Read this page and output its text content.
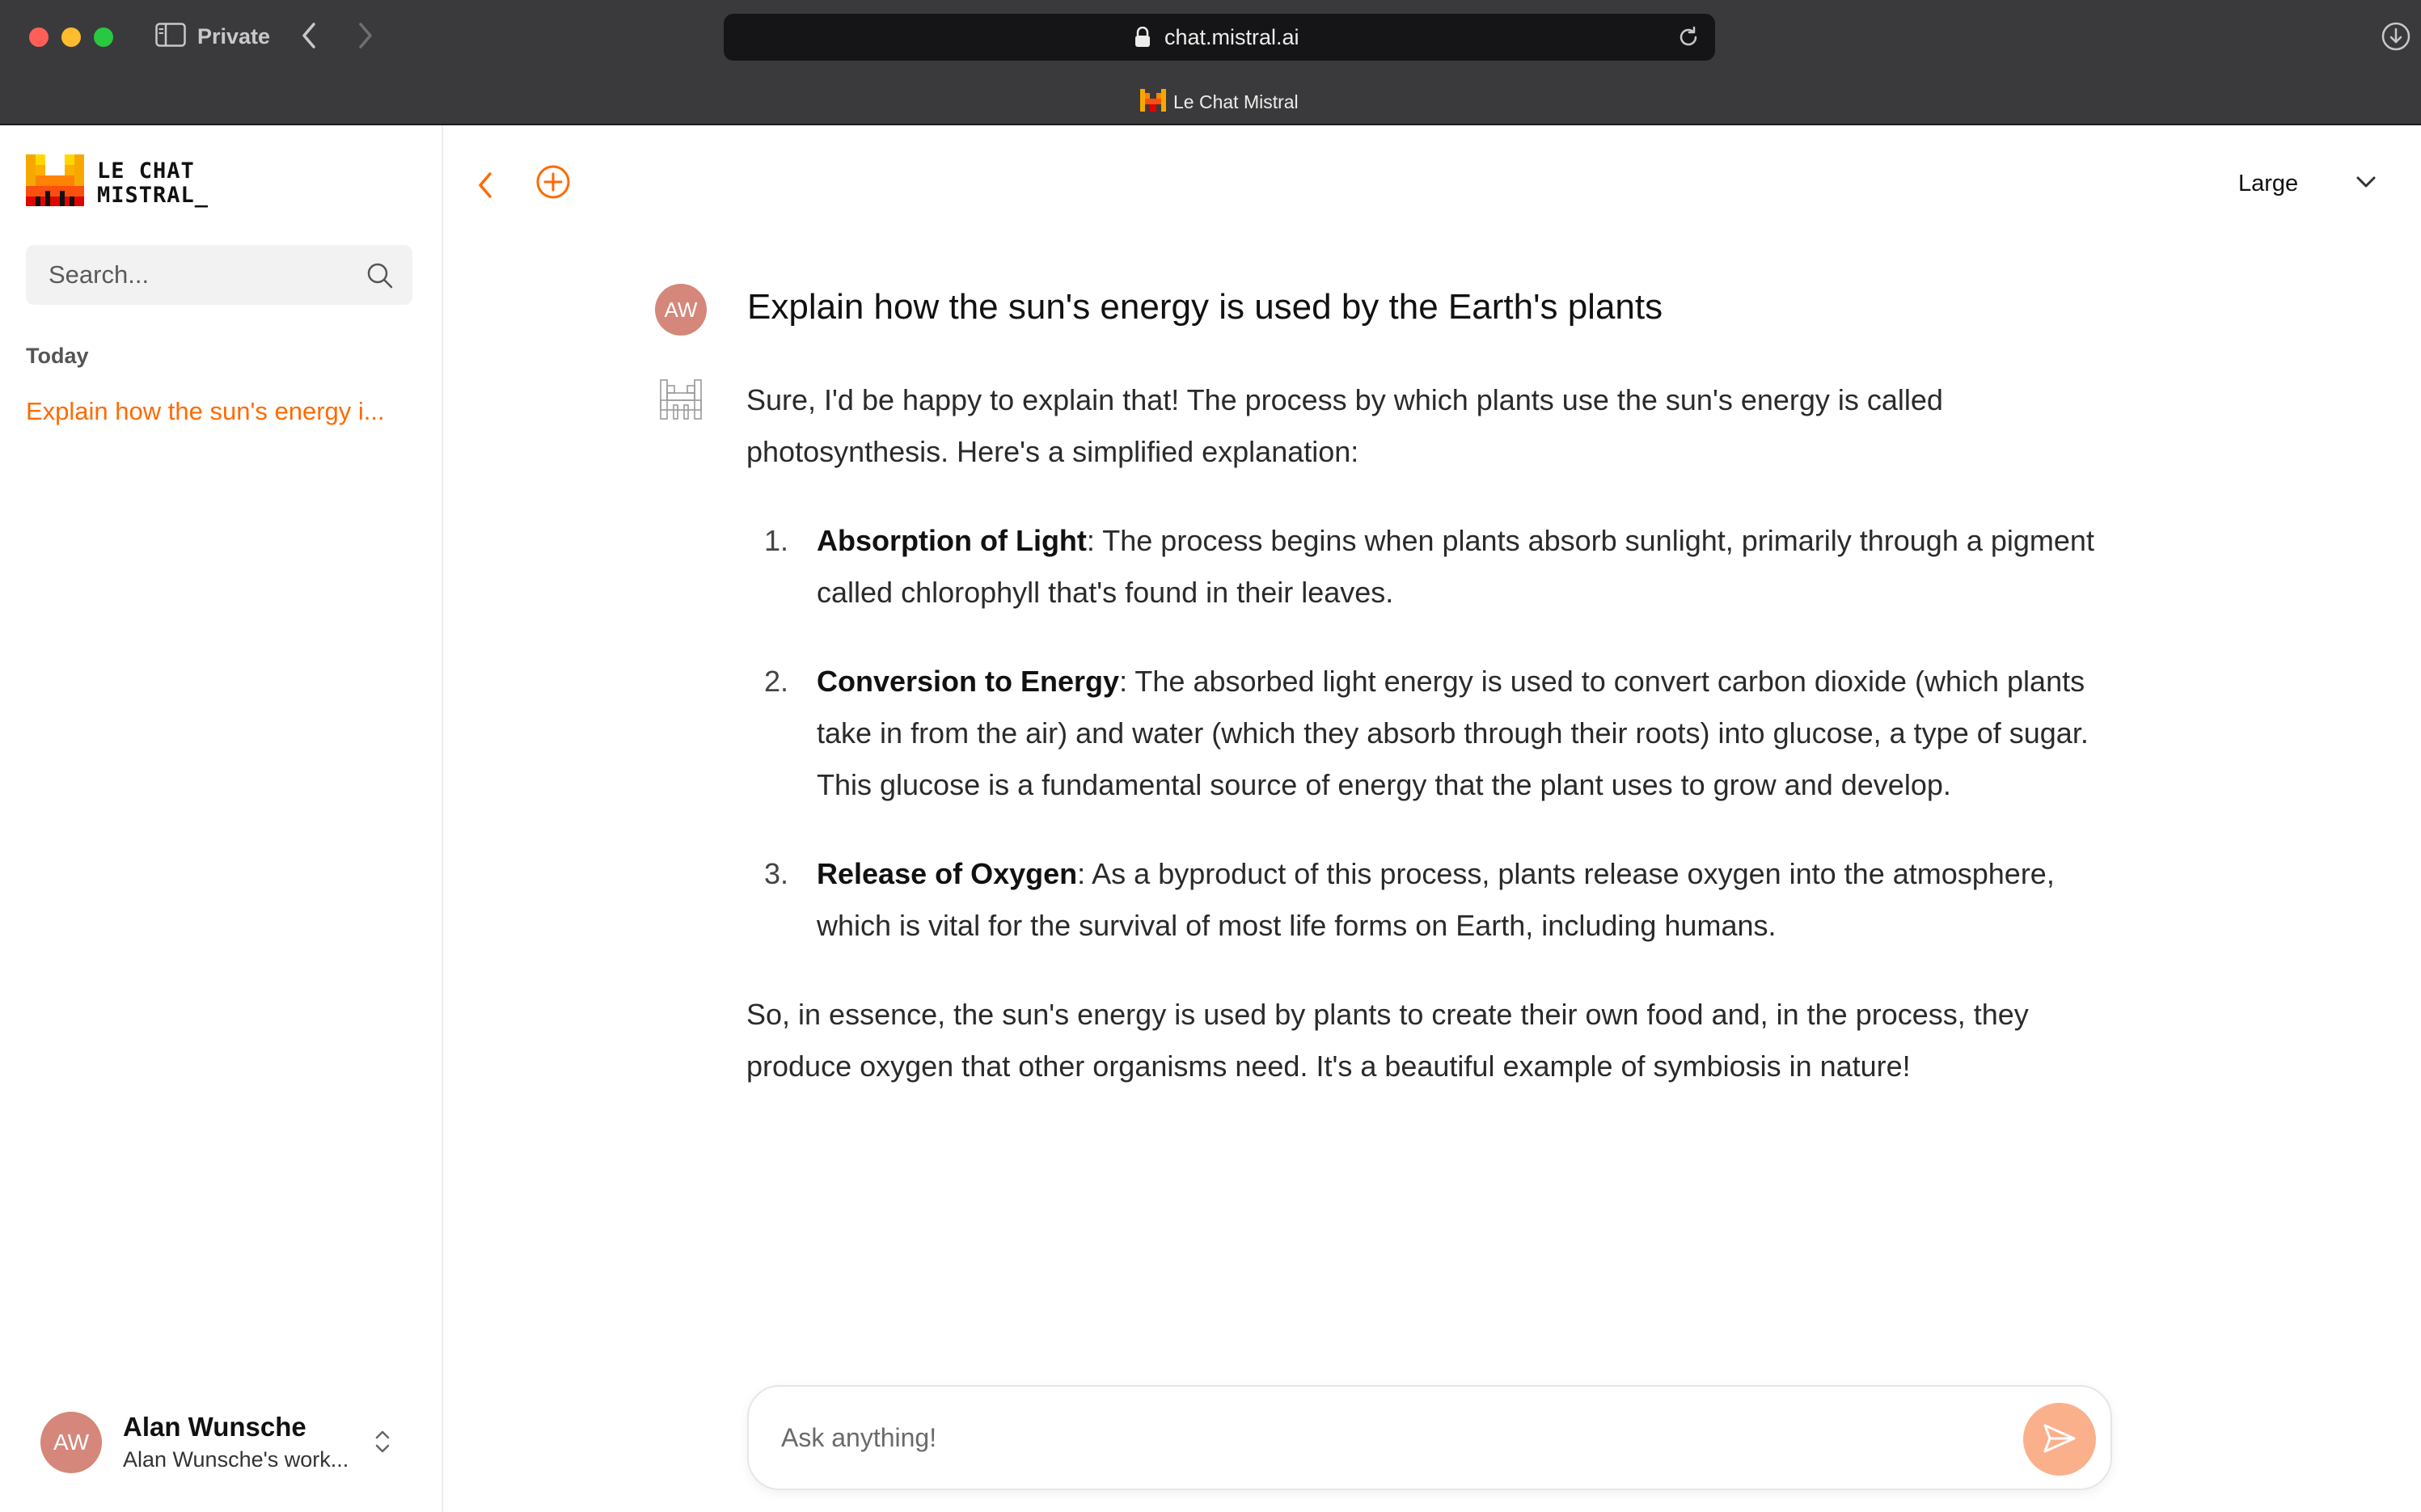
Private	chat.mistral.ai
Le Chat Mistral
LE CHAT
MISTRAL_
Search...
Today
Explain how the sun's energy i...
AW
Alan Wunsche
Alan Wunsche's work...
Large
AW Explain how the sun's energy is used by the Earth's plants

Sure, I'd be happy to explain that! The process by which plants use the sun's energy is called photosynthesis. Here's a simplified explanation:

1. Absorption of Light: The process begins when plants absorb sunlight, primarily through a pigment called chlorophyll that's found in their leaves.
2. Conversion to Energy: The absorbed light energy is used to convert carbon dioxide (which plants take in from the air) and water (which they absorb through their roots) into glucose, a type of sugar. This glucose is a fundamental source of energy that the plant uses to grow and develop.
3. Release of Oxygen: As a byproduct of this process, plants release oxygen into the atmosphere, which is vital for the survival of most life forms on Earth, including humans.

So, in essence, the sun's energy is used by plants to create their own food and, in the process, they produce oxygen that other organisms need. It's a beautiful example of symbiosis in nature!

Ask anything!
